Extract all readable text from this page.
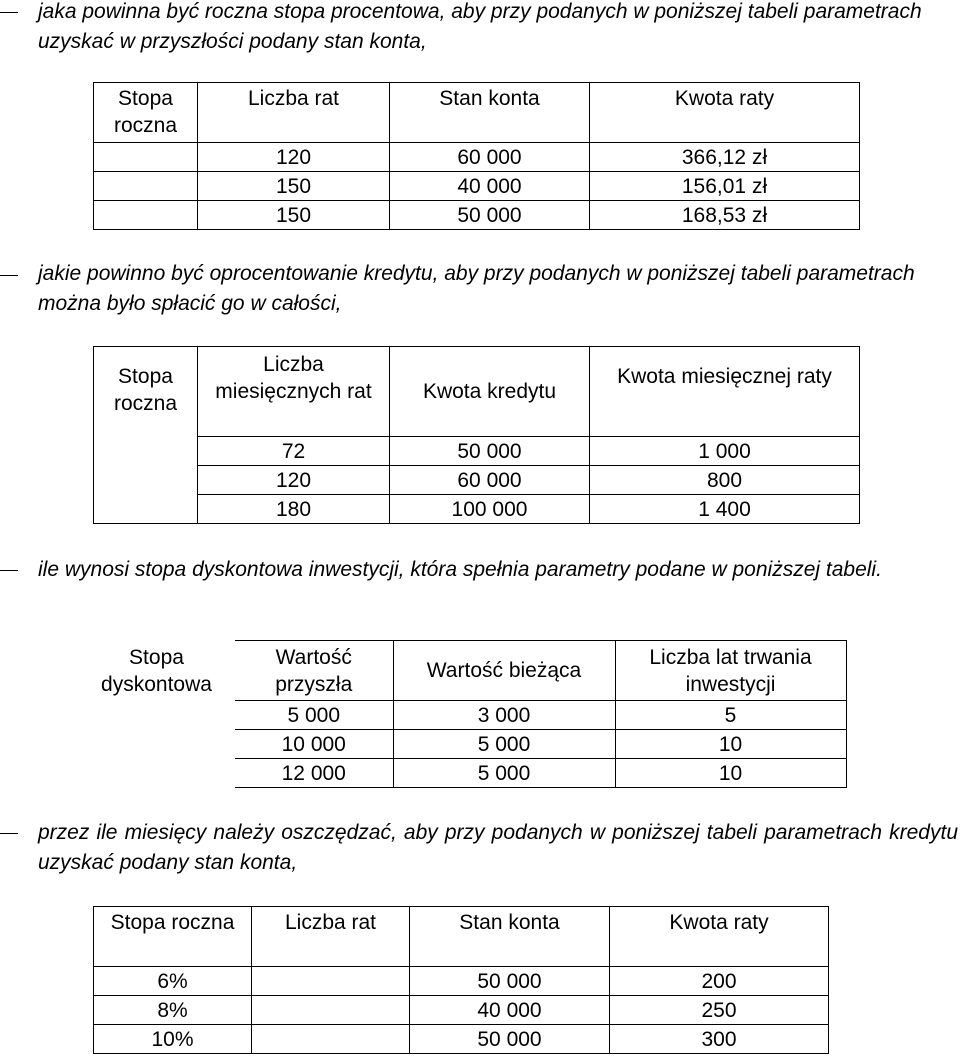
jaka powinna być roczna stopa procentowa, aby przy podanych w poniższej tabeli parametrach uzyskać w przyszłości podany stan konta,

Stopa roczna	Liczba rat	Stan konta	Kwota raty
	120	60 000	366,12 zł
	150	40 000	156,01 zł
	150	50 000	168,53 zł

jakie powinno być oprocentowanie kredytu, aby przy podanych w poniższej tabeli parametrach można było spłacić go w całości,

Stopa roczna	Liczba miesięcznych rat	Kwota kredytu	Kwota miesięcznej raty
	72	50 000	1 000
	120	60 000	800
	180	100 000	1 400

ile wynosi stopa dyskontowa inwestycji, która spełnia parametry podane w poniższej tabeli.

Stopa dyskontowa	Wartość przyszła	Wartość bieżąca	Liczba lat trwania inwestycji
	5 000	3 000	5
	10 000	5 000	10
	12 000	5 000	10

przez ile miesięcy należy oszczędzać, aby przy podanych w poniższej tabeli parametrach kredytu uzyskać podany stan konta,

Stopa roczna	Liczba rat	Stan konta	Kwota raty
6%		50 000	200
8%		40 000	250
10%		50 000	300
